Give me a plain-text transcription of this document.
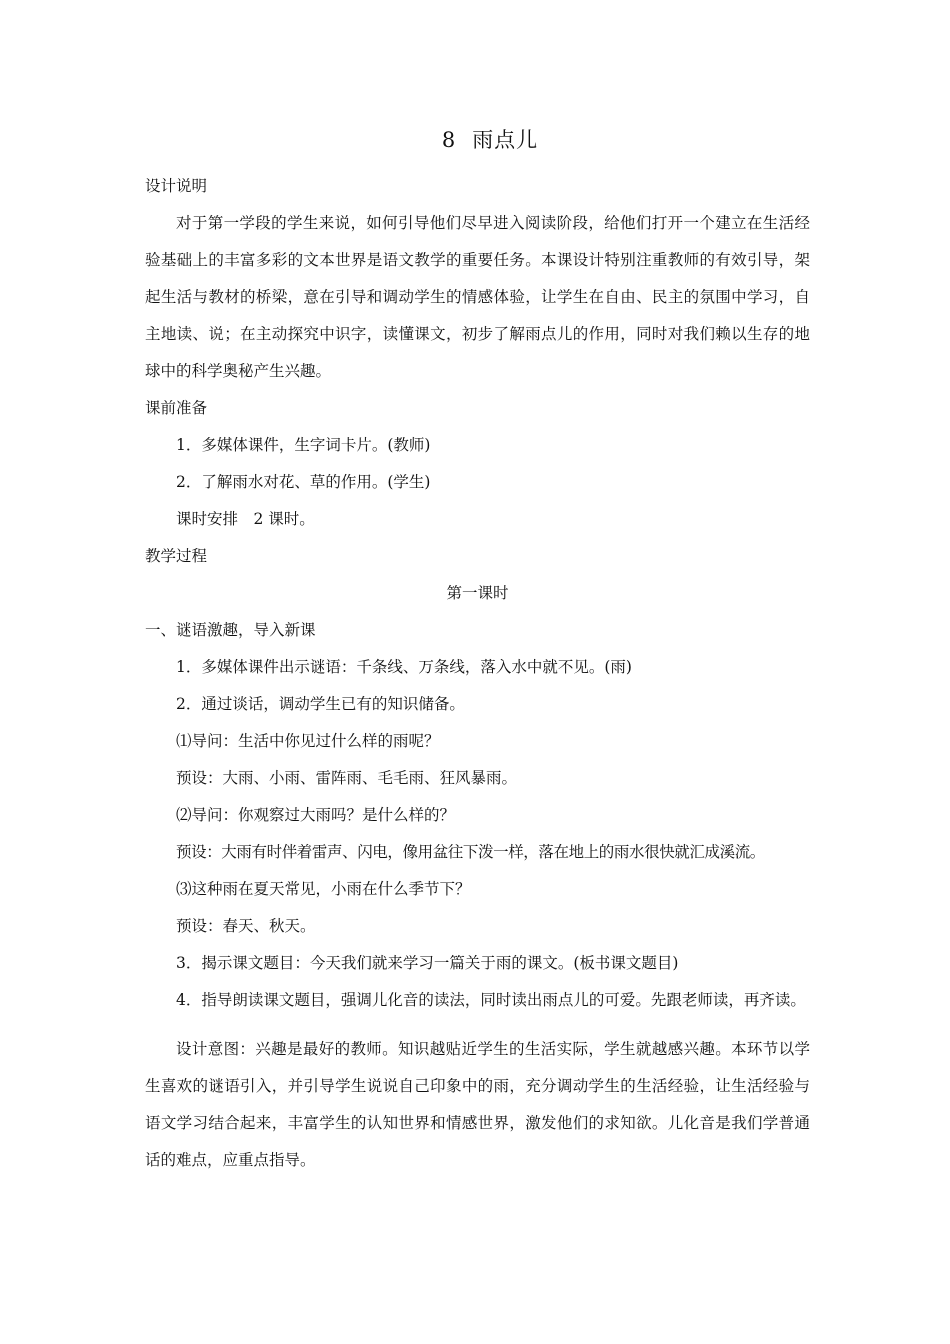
8 雨点儿

设计说明

对于第一学段的学生来说，如何引导他们尽早进入阅读阶段，给他们打开一个建立在生活经验基础上的丰富多彩的文本世界是语文教学的重要任务。本课设计特别注重教师的有效引导，架起生活与教材的桥梁，意在引导和调动学生的情感体验，让学生在自由、民主的氛围中学习，自主地读、说；在主动探究中识字，读懂课文，初步了解雨点儿的作用，同时对我们赖以生存的地球中的科学奥秘产生兴趣。

课前准备

1．多媒体课件，生字词卡片。(教师)

2．了解雨水对花、草的作用。(学生)

课时安排　2 课时。

教学过程

第一课时

一、谜语激趣，导入新课

1．多媒体课件出示谜语：千条线、万条线，落入水中就不见。(雨)

2．通过谈话，调动学生已有的知识储备。

⑴导问：生活中你见过什么样的雨呢？

预设：大雨、小雨、雷阵雨、毛毛雨、狂风暴雨。

⑵导问：你观察过大雨吗？是什么样的？

预设：大雨有时伴着雷声、闪电，像用盆往下泼一样，落在地上的雨水很快就汇成溪流。

⑶这种雨在夏天常见，小雨在什么季节下？

预设：春天、秋天。

3．揭示课文题目：今天我们就来学习一篇关于雨的课文。(板书课文题目)

4．指导朗读课文题目，强调儿化音的读法，同时读出雨点儿的可爱。先跟老师读，再齐读。

设计意图：兴趣是最好的教师。知识越贴近学生的生活实际，学生就越感兴趣。本环节以学生喜欢的谜语引入，并引导学生说说自己印象中的雨，充分调动学生的生活经验，让生活经验与语文学习结合起来，丰富学生的认知世界和情感世界，激发他们的求知欲。儿化音是我们学普通话的难点，应重点指导。
